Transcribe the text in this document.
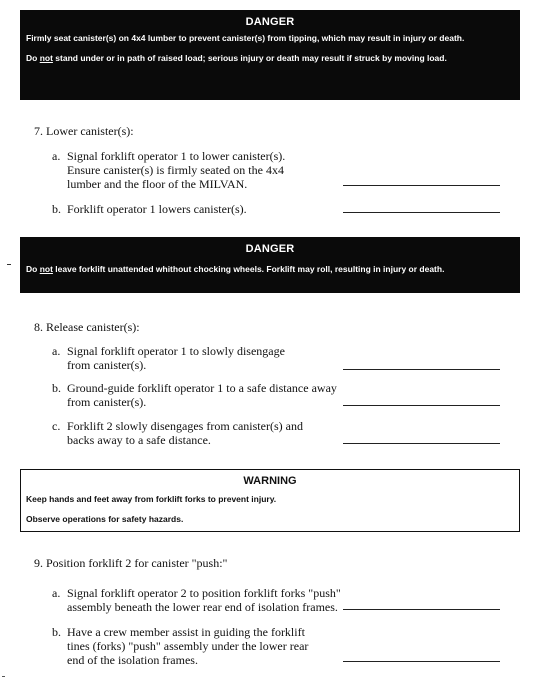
DANGER

Firmly seat canister(s) on 4x4 lumber to prevent canister(s) from tipping, which may result in injury or death.

Do not stand under or in path of raised load; serious injury or death may result if struck by moving load.

7. Lower canister(s):
a. Signal forklift operator 1 to lower canister(s). Ensure canister(s) is firmly seated on the 4x4 lumber and the floor of the MILVAN.
b. Forklift operator 1 lowers canister(s).
DANGER

Do not leave forklift unattended whithout chocking wheels. Forklift may roll, resulting in injury or death.

8. Release canister(s):
a. Signal forklift operator 1 to slowly disengage from canister(s).
b. Ground-guide forklift operator 1 to a safe distance away from canister(s).
c. Forklift 2 slowly disengages from canister(s) and backs away to a safe distance.
WARNING

Keep hands and feet away from forklift forks to prevent injury.

Observe operations for safety hazards.

9. Position forklift 2 for canister "push:"
a. Signal forklift operator 2 to position forklift forks "push" assembly beneath the lower rear end of isolation frames.
b. Have a crew member assist in guiding the forklift tines (forks) "push" assembly under the lower rear end of the isolation frames.
